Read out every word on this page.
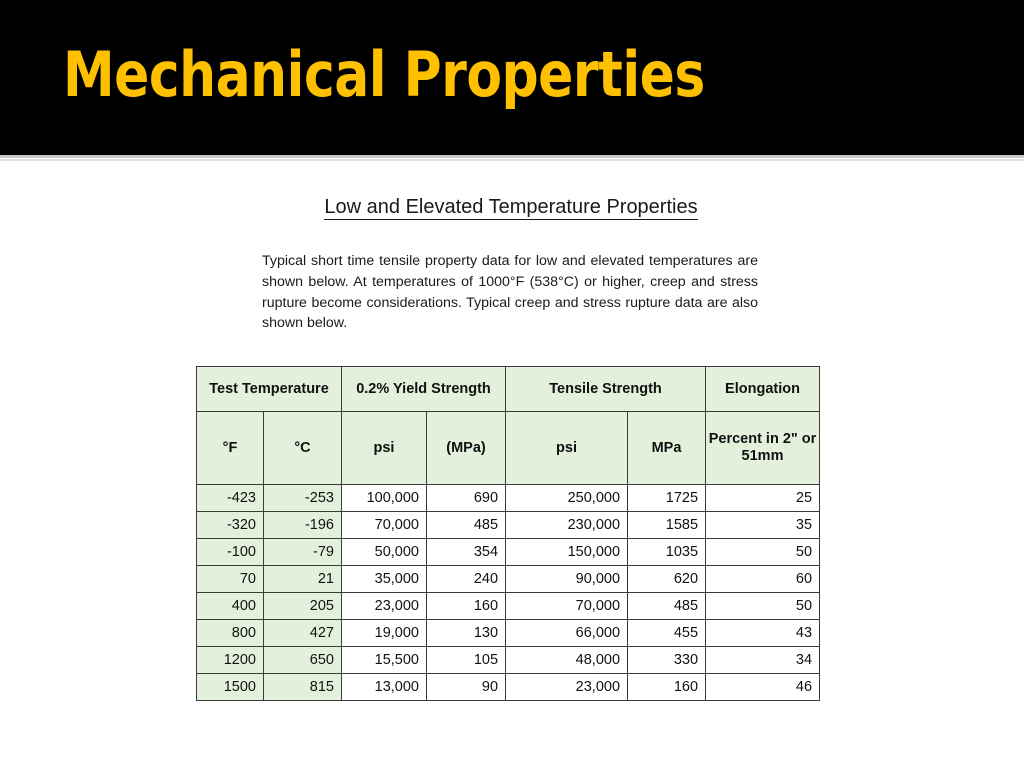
Mechanical Properties
Low and Elevated Temperature Properties

Typical short time tensile property data for low and elevated temperatures are shown below. At temperatures of 1000°F (538°C) or higher, creep and stress rupture become considerations. Typical creep and stress rupture data are also shown below.

Test Temperature		0.2% Yield Strength		Tensile Strength		Elongation
°F	°C	psi	(MPa)	psi	MPa	Percent in 2" or 51mm
-423	-253	100,000	690	250,000	1725	25
-320	-196	70,000	485	230,000	1585	35
-100	-79	50,000	354	150,000	1035	50
70	21	35,000	240	90,000	620	60
400	205	23,000	160	70,000	485	50
800	427	19,000	130	66,000	455	43
1200	650	15,500	105	48,000	330	34
1500	815	13,000	90	23,000	160	46
